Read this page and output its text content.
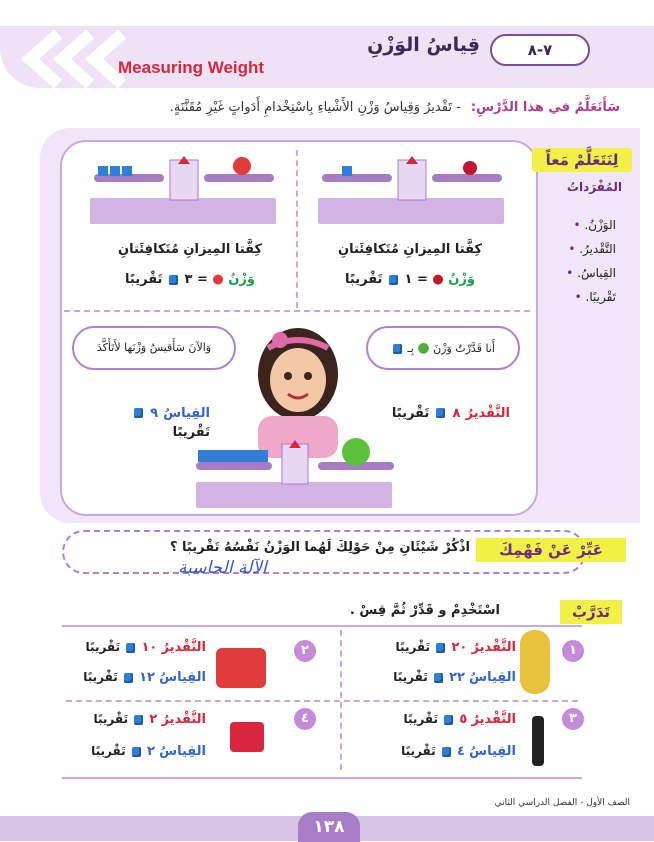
٧-٨
قِياسُ الوَزْنِ
Measuring Weight
سَأَتَعَلَّمُ في هذا الدَّرْسِ: - تَقْديرُ وَقِياسُ وَزْنِ الأَشْياءِ بِاسْتِخْدامِ أَدَواتٍ غَيْرِ مُقَنَّنَةٍ.
لِنَتَعَلَّمْ مَعاً
المُفْرَداتُ
الوَزْنُ. •
التَّقْديرُ. •
القِياسُ. •
تَقْريبًا. •
كِفَّتا المِيزانِ مُتَكافِئَتانِ	كِفَّتا المِيزانِ مُتَكافِئَتانِ
وَزْنُ ● = ٣  تَقْريبًا	وَزْنُ ● = ١  تَقْريبًا
وَالآنَ سَأَقيسُ وَزْنَها لأَتَأَكَّدَ	أَنا قَدَّرْتُ وَزْنَ ● بِـ
التَّقْديرُ ٨  تَقْريبًا
القِياسُ ٩  تَقْريبًا
عَبِّرْ عَنْ فَهْمِكَ
اذْكُرْ شَيْئَانِ مِنْ حَوْلِكَ لَهُما الوَزْنُ نَفْسُهُ تَقْريبًا ؟
الآلة الحاسبة
تَدَرَّبْ
اسْتَخْدِمْ و قَدِّرْ ثُمَّ قِسْ .
١
التَّقْديرُ ٢٠  تَقْريبًا
القِياسُ ٢٢  تَقْريبًا
٢
التَّقْديرُ ١٠  تَقْريبًا
القِياسُ ١٢  تَقْريبًا
٣
التَّقْديرُ ٥  تَقْريبًا
القِياسُ ٤  تَقْريبًا
٤
التَّقْديرُ ٢  تَقْريبًا
القِياسُ ٢  تَقْريبًا
الصف الأول - الفصل الدراسي الثاني
١٣٨
